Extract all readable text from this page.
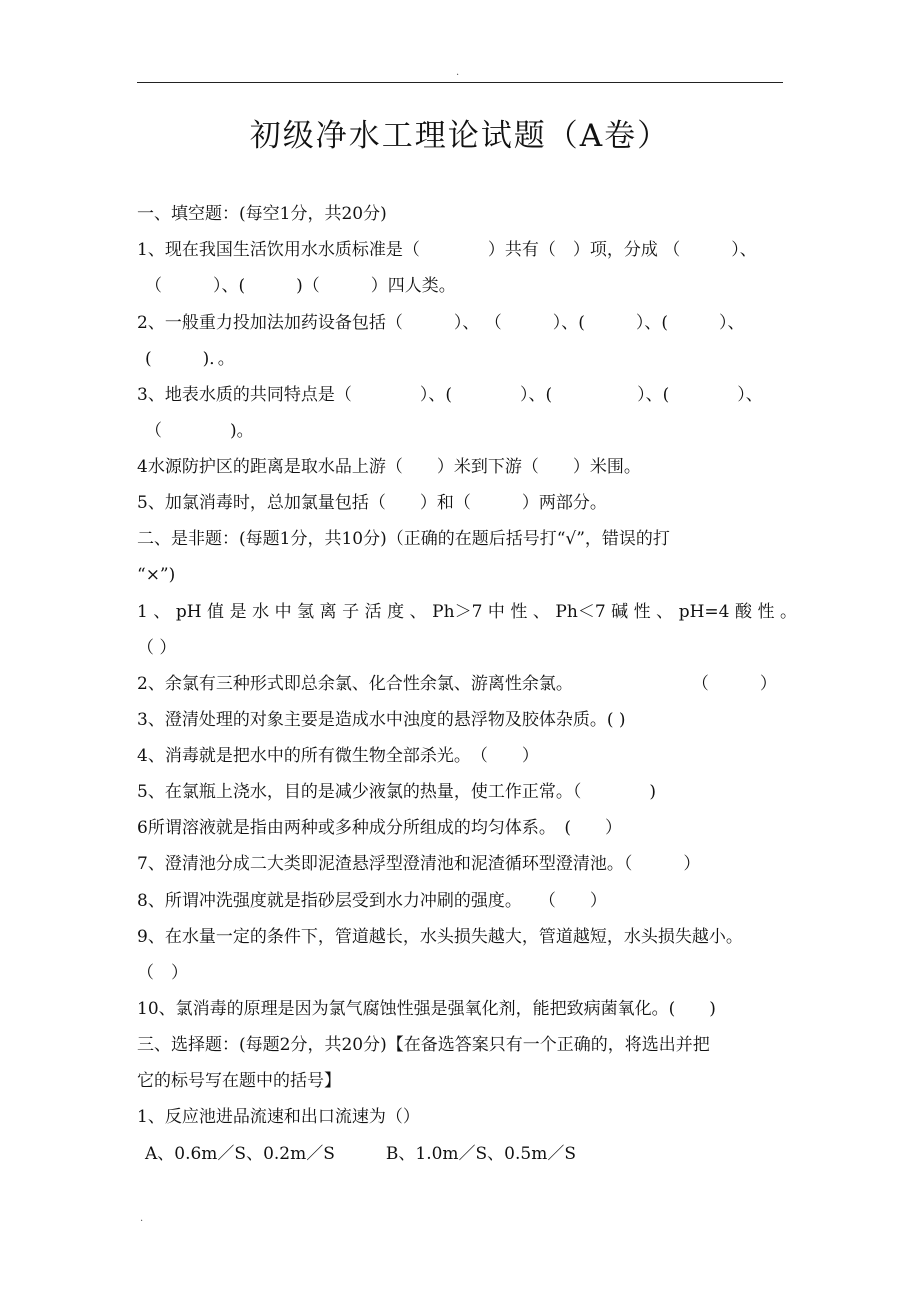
.
初级净水工理论试题（A卷）
一、填空题：(每空1分，共20分)
1、现在我国生活饮用水水质标准是（　　　　）共有（　）项，分成 （　　　）、
（　　　）、(　　　)（　　　）四人类。
2、一般重力投加法加药设备包括（　　　）、 （　　　）、(　　　）、(　　　）、
(　　　)．。
3、地表水质的共同特点是（　　　　）、(　　　　）、(　　　　　）、(　　　　）、
（　　　　)。
4水源防护区的距离是取水品上游（　　）米到下游（　　）米围。
5、加氯消毒时，总加氯量包括（　　）和（　　　）两部分。
二、是非题：(每题1分，共10分)（正确的在题后括号打“√”，错误的打
“×”)
1、pH值是水中氢离子活度、Ph＞7中性、Ph＜7碱性、pH=4酸性。
（ ）
2、余氯有三种形式即总余氯、化合性余氯、游离性余氯。　　　　　　　　（　　　）
3、澄清处理的对象主要是造成水中浊度的悬浮物及胶体杂质。( )
4、消毒就是把水中的所有微生物全部杀光。　（　　）
5、在氯瓶上浇水，目的是减少液氯的热量，使工作正常。（　　　　)
6所谓溶液就是指由两种或多种成分所组成的均匀体系。　(　　）
7、澄清池分成二大类即泥渣悬浮型澄清池和泥渣循环型澄清池。（　　　）
8、所谓冲洗强度就是指砂层受到水力冲刷的强度。　　（　　）
9、在水量一定的条件下，管道越长，水头损失越大，管道越短，水头损失越小。
（　）
10、氯消毒的原理是因为氯气腐蚀性强是强氧化剂，能把致病菌氧化。(　　)
三、选择题：(每题2分，共20分)【在备选答案只有一个正确的，将选出并把
它的标号写在题中的括号】
1、反应池进品流速和出口流速为（）
A、0.6m／S、0.2m／S　　　B、1.0m／S、0.5m／S
.
